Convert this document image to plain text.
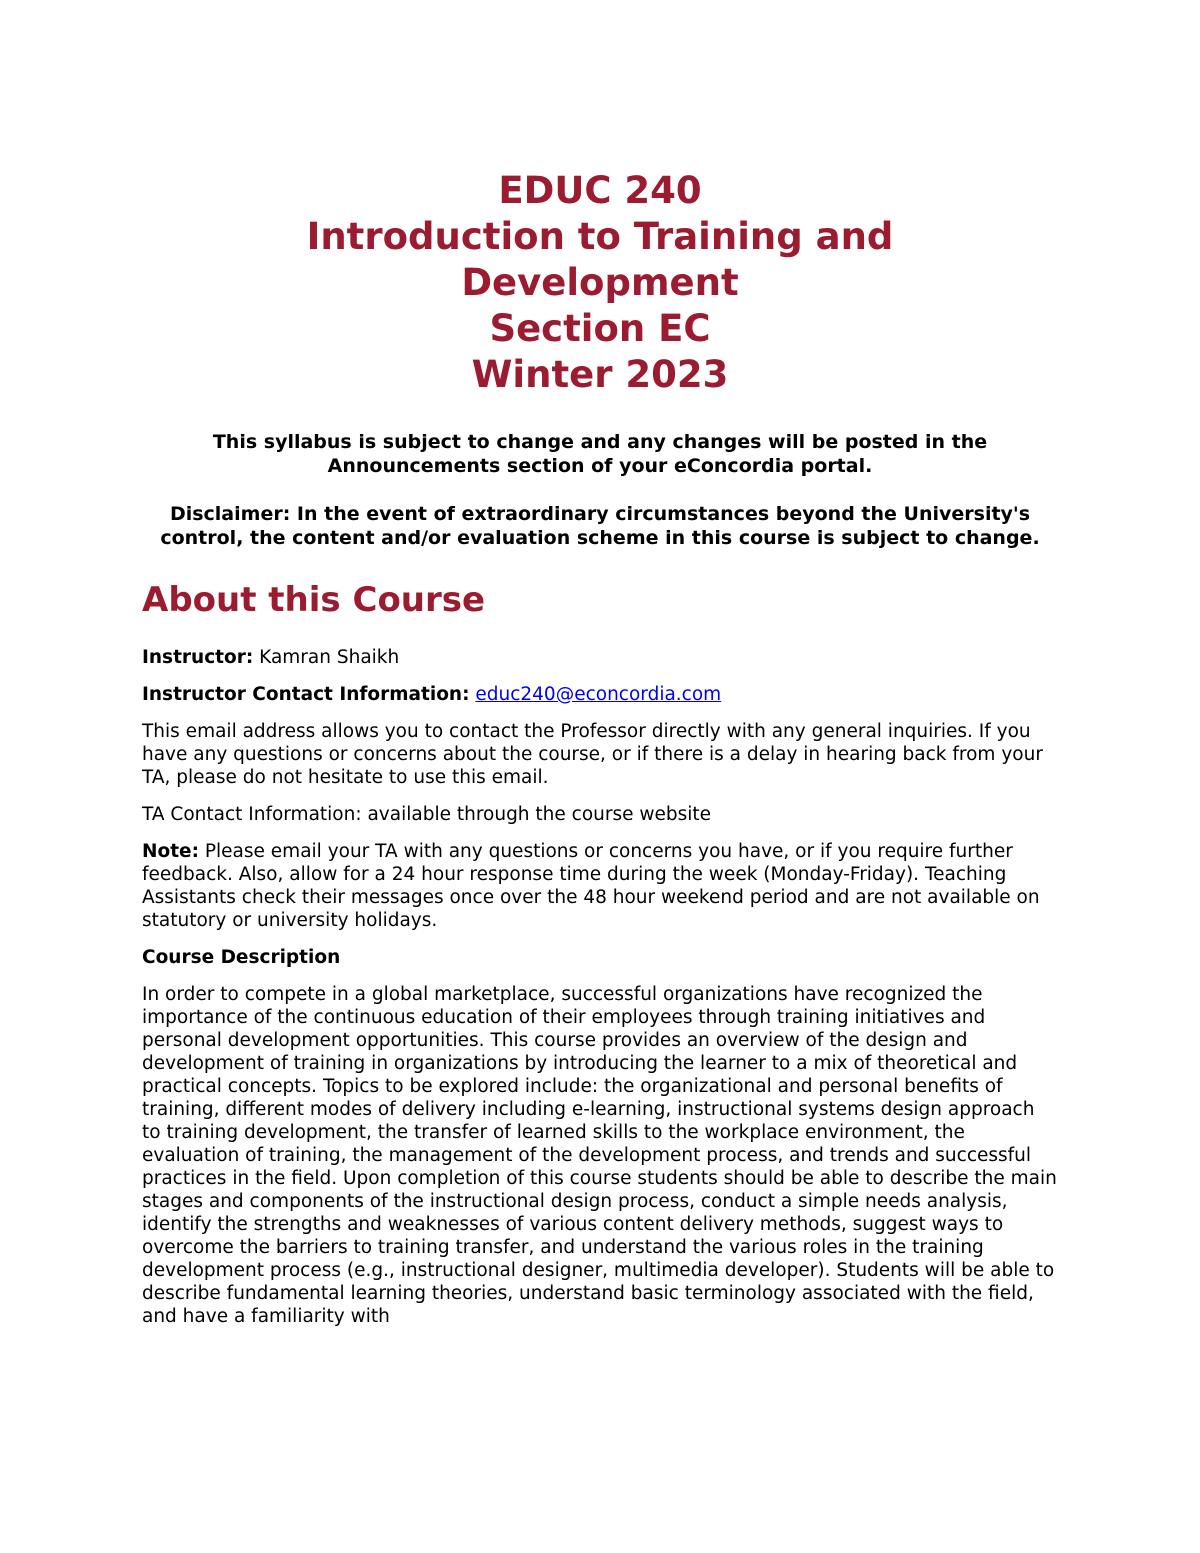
EDUC 240
Introduction to Training and
Development
Section EC
Winter 2023

This syllabus is subject to change and any changes will be posted in the Announcements section of your eConcordia portal.

Disclaimer: In the event of extraordinary circumstances beyond the University's control, the content and/or evaluation scheme in this course is subject to change.

About this Course

Instructor: Kamran Shaikh

Instructor Contact Information: educ240@econcordia.com

This email address allows you to contact the Professor directly with any general inquiries. If you have any questions or concerns about the course, or if there is a delay in hearing back from your TA, please do not hesitate to use this email.

TA Contact Information: available through the course website

Note: Please email your TA with any questions or concerns you have, or if you require further feedback. Also, allow for a 24 hour response time during the week (Monday-Friday). Teaching Assistants check their messages once over the 48 hour weekend period and are not available on statutory or university holidays.

Course Description

In order to compete in a global marketplace, successful organizations have recognized the importance of the continuous education of their employees through training initiatives and personal development opportunities. This course provides an overview of the design and development of training in organizations by introducing the learner to a mix of theoretical and practical concepts. Topics to be explored include: the organizational and personal benefits of training, different modes of delivery including e-learning, instructional systems design approach to training development, the transfer of learned skills to the workplace environment, the evaluation of training, the management of the development process, and trends and successful practices in the field. Upon completion of this course students should be able to describe the main stages and components of the instructional design process, conduct a simple needs analysis, identify the strengths and weaknesses of various content delivery methods, suggest ways to overcome the barriers to training transfer, and understand the various roles in the training development process (e.g., instructional designer, multimedia developer). Students will be able to describe fundamental learning theories, understand basic terminology associated with the field, and have a familiarity with
